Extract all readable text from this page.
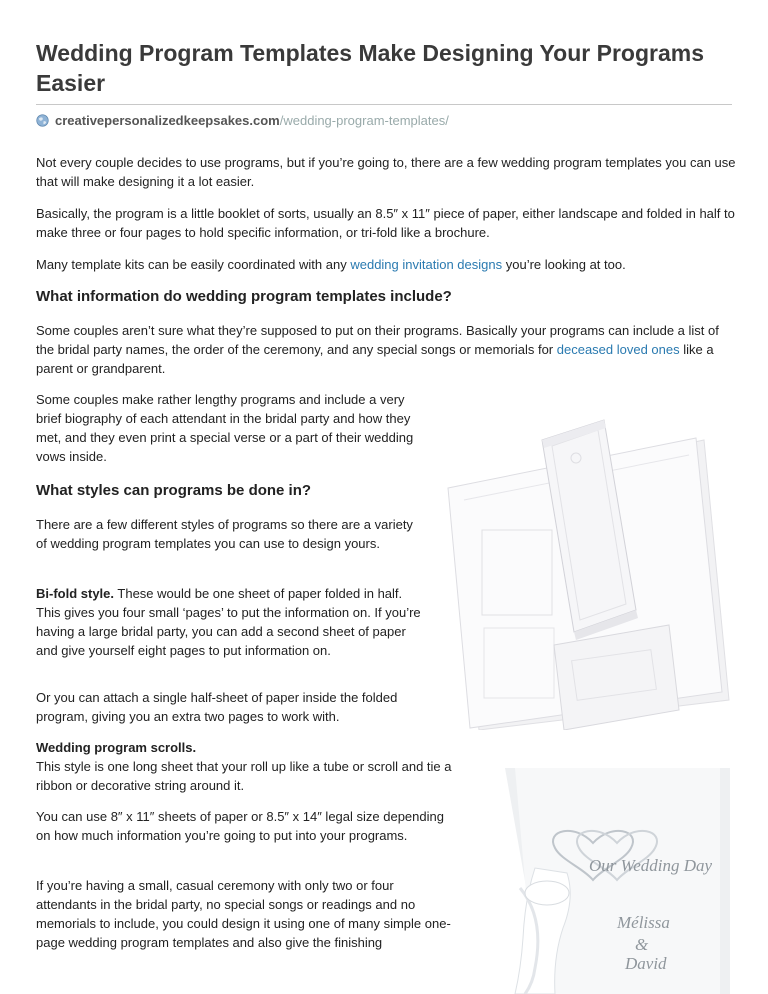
Wedding Program Templates Make Designing Your Programs Easier
creativepersonalizedkeepsakes.com/wedding-program-templates/

Not every couple decides to use programs, but if you’re going to, there are a few wedding program templates you can use that will make designing it a lot easier.

Basically, the program is a little booklet of sorts, usually an 8.5″ x 11″ piece of paper, either landscape and folded in half to make three or four pages to hold specific information, or tri-fold like a brochure.

Many template kits can be easily coordinated with any wedding invitation designs you’re looking at too.

What information do wedding program templates include?

Some couples aren’t sure what they’re supposed to put on their programs. Basically your programs can include a list of the bridal party names, the order of the ceremony, and any special songs or memorials for deceased loved ones like a parent or grandparent.

Some couples make rather lengthy programs and include a very brief biography of each attendant in the bridal party and how they met, and they even print a special verse or a part of their wedding vows inside.

What styles can programs be done in?

There are a few different styles of programs so there are a variety of wedding program templates you can use to design yours.

Bi-fold style. These would be one sheet of paper folded in half. This gives you four small ‘pages’ to put the information on. If you’re having a large bridal party, you can add a second sheet of paper and give yourself eight pages to put information on.

Or you can attach a single half-sheet of paper inside the folded program, giving you an extra two pages to work with.

Wedding program scrolls.
This style is one long sheet that your roll up like a tube or scroll and tie a ribbon or decorative string around it.

You can use 8″ x 11″ sheets of paper or 8.5″ x 14″ legal size depending on how much information you’re going to put into your programs.

If you’re having a small, casual ceremony with only two or four attendants in the bridal party, no special songs or readings and no memorials to include, you could design it using one of many simple one-page wedding program templates and also give the finishing

Our Wedding Day
Mélissa
&
David
